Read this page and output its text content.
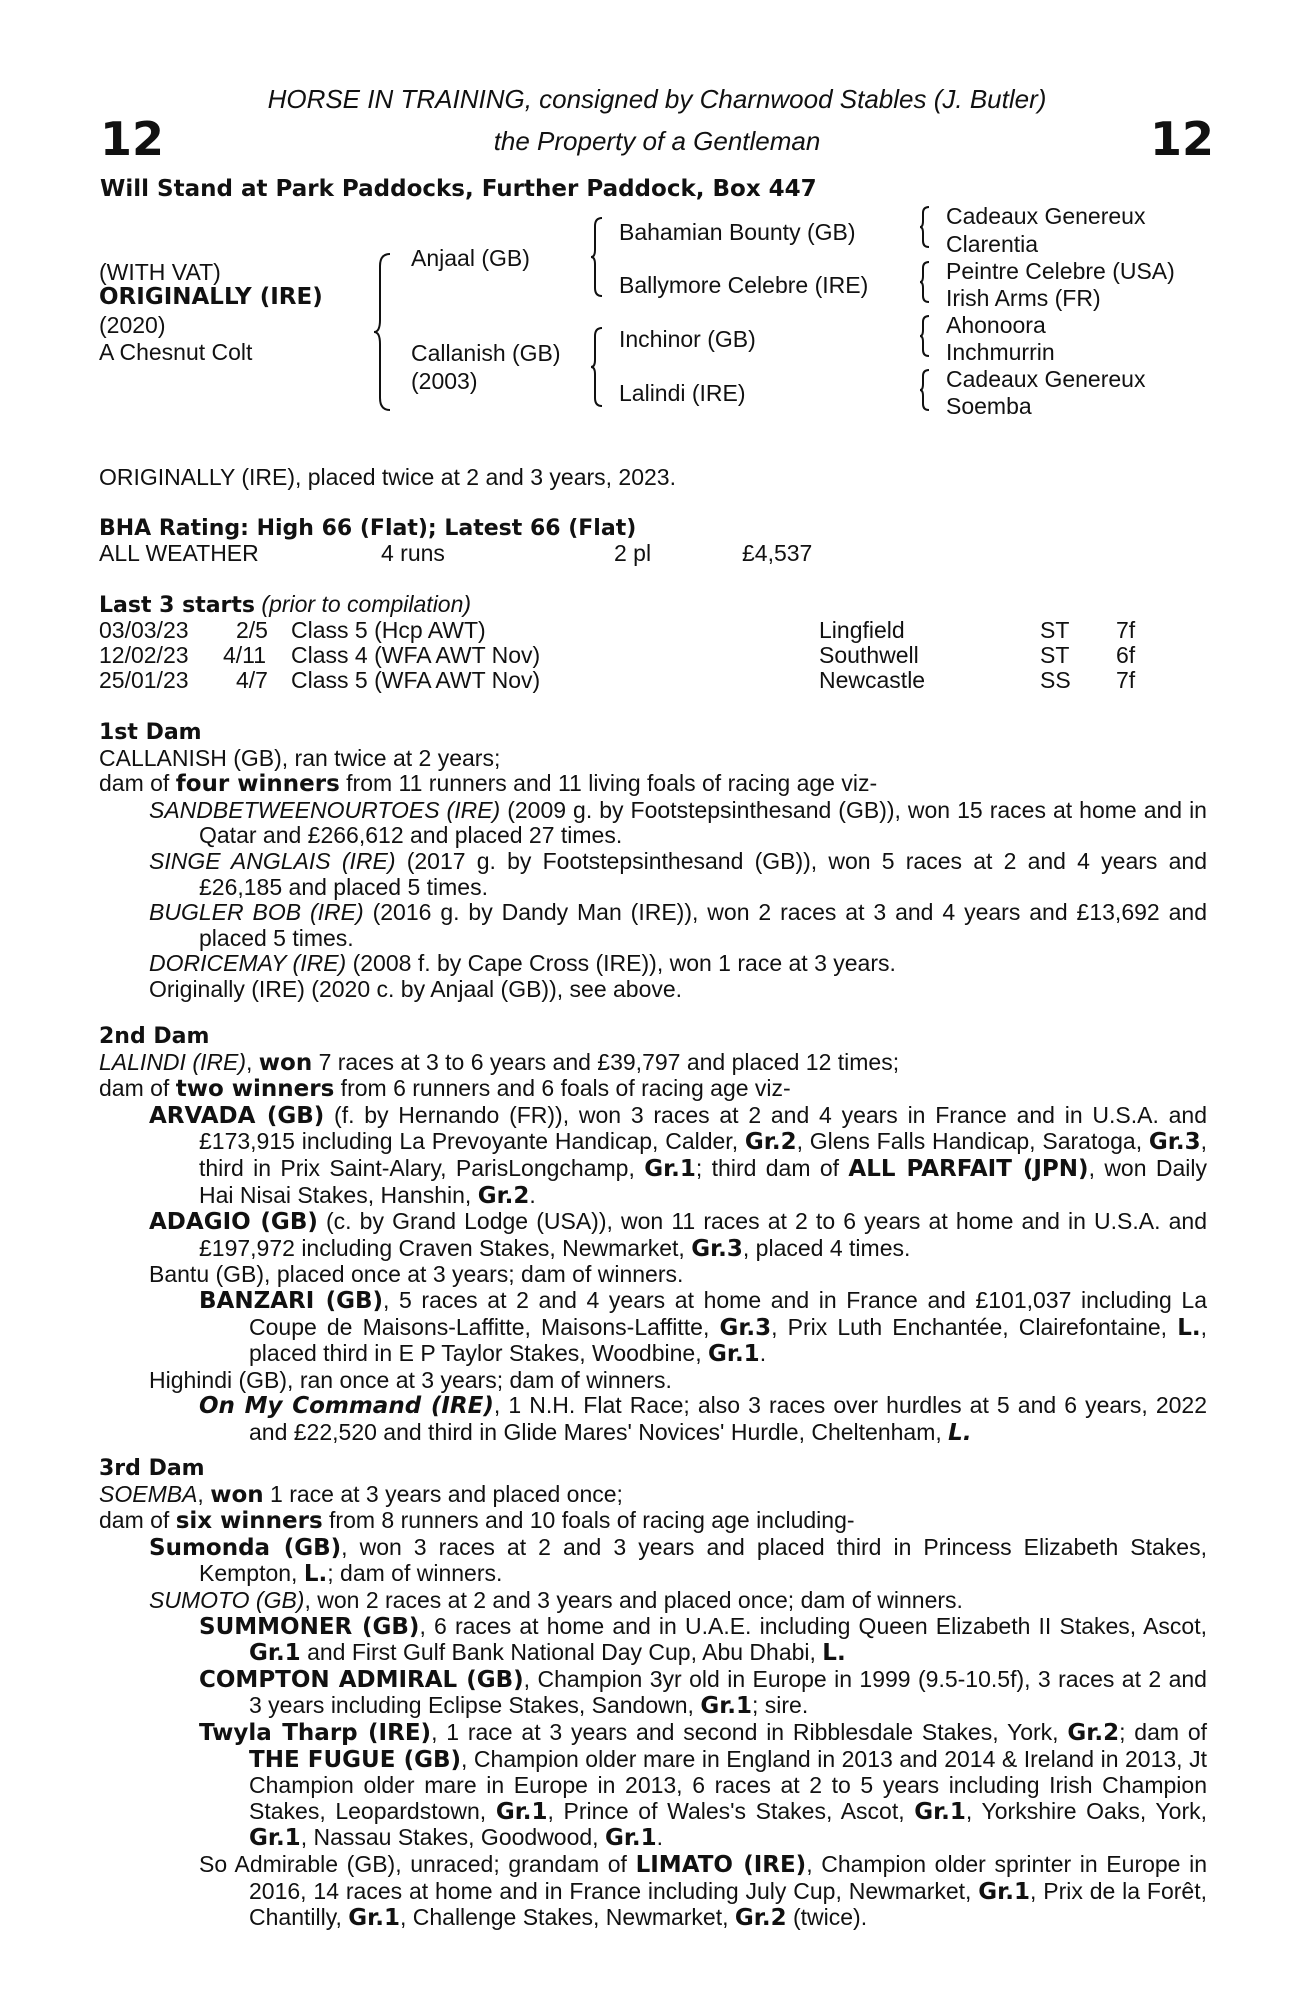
12	12
HORSE IN TRAINING, consigned by Charnwood Stables (J. Butler)
the Property of a Gentleman
Will Stand at Park Paddocks, Further Paddock, Box 447
(WITH VAT)
ORIGINALLY (IRE)
(2020)
A Chesnut Colt
Anjaal (GB)
Callanish (GB)
(2003)
Bahamian Bounty (GB)
Ballymore Celebre (IRE)
Inchinor (GB)
Lalindi (IRE)
Cadeaux Genereux
Clarentia
Peintre Celebre (USA)
Irish Arms (FR)
Ahonoora
Inchmurrin
Cadeaux Genereux
Soemba
ORIGINALLY (IRE), placed twice at 2 and 3 years, 2023.
BHA Rating: High 66 (Flat); Latest 66 (Flat)
ALL WEATHER	4 runs	2 pl	£4,537
Last 3 starts (prior to compilation)
03/03/23 2/5 Class 5 (Hcp AWT)	Lingfield	ST 7f
12/02/23 4/11 Class 4 (WFA AWT Nov)	Southwell	ST 6f
25/01/23 4/7 Class 5 (WFA AWT Nov)	Newcastle	SS 7f

1st Dam

CALLANISH (GB), ran twice at 2 years;

dam of four winners from 11 runners and 11 living foals of racing age viz-

SANDBETWEENOURTOES (IRE) (2009 g. by Footstepsinthesand (GB)), won 15 races at home and in Qatar and £266,612 and placed 27 times.

SINGE ANGLAIS (IRE) (2017 g. by Footstepsinthesand (GB)), won 5 races at 2 and 4 years and £26,185 and placed 5 times.

BUGLER BOB (IRE) (2016 g. by Dandy Man (IRE)), won 2 races at 3 and 4 years and £13,692 and placed 5 times.

DORICEMAY (IRE) (2008 f. by Cape Cross (IRE)), won 1 race at 3 years.

Originally (IRE) (2020 c. by Anjaal (GB)), see above.

2nd Dam

LALINDI (IRE), won 7 races at 3 to 6 years and £39,797 and placed 12 times;

dam of two winners from 6 runners and 6 foals of racing age viz-

ARVADA (GB) (f. by Hernando (FR)), won 3 races at 2 and 4 years in France and in U.S.A. and £173,915 including La Prevoyante Handicap, Calder, Gr.2, Glens Falls Handicap, Saratoga, Gr.3, third in Prix Saint-Alary, ParisLongchamp, Gr.1; third dam of ALL PARFAIT (JPN), won Daily Hai Nisai Stakes, Hanshin, Gr.2.

ADAGIO (GB) (c. by Grand Lodge (USA)), won 11 races at 2 to 6 years at home and in U.S.A. and £197,972 including Craven Stakes, Newmarket, Gr.3, placed 4 times.

Bantu (GB), placed once at 3 years; dam of winners.

BANZARI (GB), 5 races at 2 and 4 years at home and in France and £101,037 including La Coupe de Maisons-Laffitte, Maisons-Laffitte, Gr.3, Prix Luth Enchantée, Clairefontaine, L., placed third in E P Taylor Stakes, Woodbine, Gr.1.

Highindi (GB), ran once at 3 years; dam of winners.

On My Command (IRE), 1 N.H. Flat Race; also 3 races over hurdles at 5 and 6 years, 2022 and £22,520 and third in Glide Mares' Novices' Hurdle, Cheltenham, L.

3rd Dam

SOEMBA, won 1 race at 3 years and placed once;

dam of six winners from 8 runners and 10 foals of racing age including-

Sumonda (GB), won 3 races at 2 and 3 years and placed third in Princess Elizabeth Stakes, Kempton, L.; dam of winners.

SUMOTO (GB), won 2 races at 2 and 3 years and placed once; dam of winners.

SUMMONER (GB), 6 races at home and in U.A.E. including Queen Elizabeth II Stakes, Ascot, Gr.1 and First Gulf Bank National Day Cup, Abu Dhabi, L.

COMPTON ADMIRAL (GB), Champion 3yr old in Europe in 1999 (9.5-10.5f), 3 races at 2 and 3 years including Eclipse Stakes, Sandown, Gr.1; sire.

Twyla Tharp (IRE), 1 race at 3 years and second in Ribblesdale Stakes, York, Gr.2; dam of THE FUGUE (GB), Champion older mare in England in 2013 and 2014 & Ireland in 2013, Jt Champion older mare in Europe in 2013, 6 races at 2 to 5 years including Irish Champion Stakes, Leopardstown, Gr.1, Prince of Wales's Stakes, Ascot, Gr.1, Yorkshire Oaks, York, Gr.1, Nassau Stakes, Goodwood, Gr.1.

So Admirable (GB), unraced; grandam of LIMATO (IRE), Champion older sprinter in Europe in 2016, 14 races at home and in France including July Cup, Newmarket, Gr.1, Prix de la Forêt, Chantilly, Gr.1, Challenge Stakes, Newmarket, Gr.2 (twice).
